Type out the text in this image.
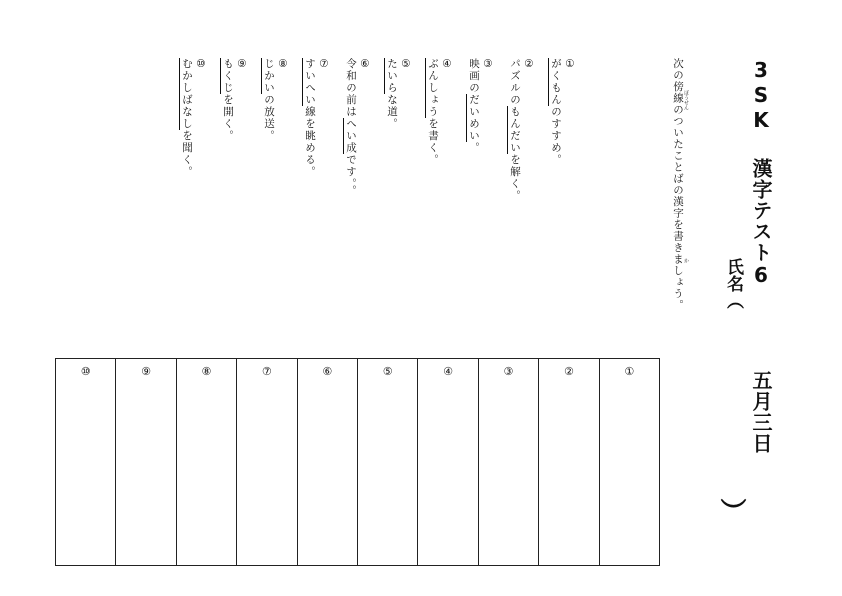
3SK 漢字テスト6
五月三日
氏名（
）
次の傍線のついたことばの漢字を書きましょう。 ぼうせん
か
①
がくもんのすすめ。
②
パズルのもんだいを解く。
③
映画のだいめい。
④
ぶんしょうを書く。
⑤
たいらな道。
⑥
令和の前はへい成です。。
⑦
すいへい線を眺める。
⑧
じかいの放送。
⑨
もくじを開く。
⑩
むかしばなしを聞く。
①
②
③
④
⑤
⑥
⑦
⑧
⑨
⑩
